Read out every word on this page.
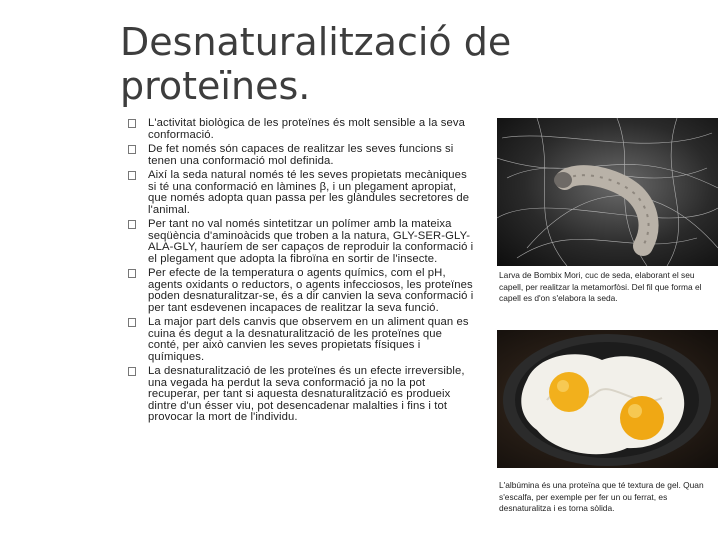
Desnaturalització de proteïnes.
L'activitat biològica de les proteïnes és molt sensible a la seva conformació.
De fet només són capaces de realitzar les seves funcions si tenen una conformació mol definida.
Així la seda natural només té les seves propietats mecàniques si té una conformació en làmines β, i un plegament apropiat, que només adopta quan passa per les glàndules secretores de l'animal.
Per tant no val només sintetitzar un polímer amb la mateixa seqüència d'aminoàcids que troben a la natura, GLY-SER-GLY-ALA-GLY, hauríem de ser capaços de reproduir la conformació i el plegament que adopta la fibroïna en sortir de l'insecte.
Per efecte de la temperatura o agents químics, com el pH, agents oxidants o reductors, o agents infecciosos, les proteïnes poden desnaturalitzar-se, és a dir canvien la seva conformació i per tant esdevenen incapaces de realitzar la seva funció.
La major part dels canvis que observem en un aliment quan es cuina és degut a la desnaturalització de les proteïnes que conté, per això canvien les seves propietats físiques i químiques.
La desnaturalització de les proteïnes és un efecte irreversible, una vegada ha perdut la seva conformació ja no la pot recuperar, per tant si aquesta desnaturalització es produeix dintre d'un ésser viu, pot desencadenar malalties i fins i tot provocar la mort de l'individu.
Larva de Bombix Mori, cuc de seda, elaborant el seu capell, per realitzar la metamorfòsi. Del fil que forma el capell es d'on s'elabora la seda.
L'albúmina és una proteïna que té textura de gel. Quan s'escalfa, per exemple per fer un ou ferrat, es desnaturalitza i es torna sòlida.
